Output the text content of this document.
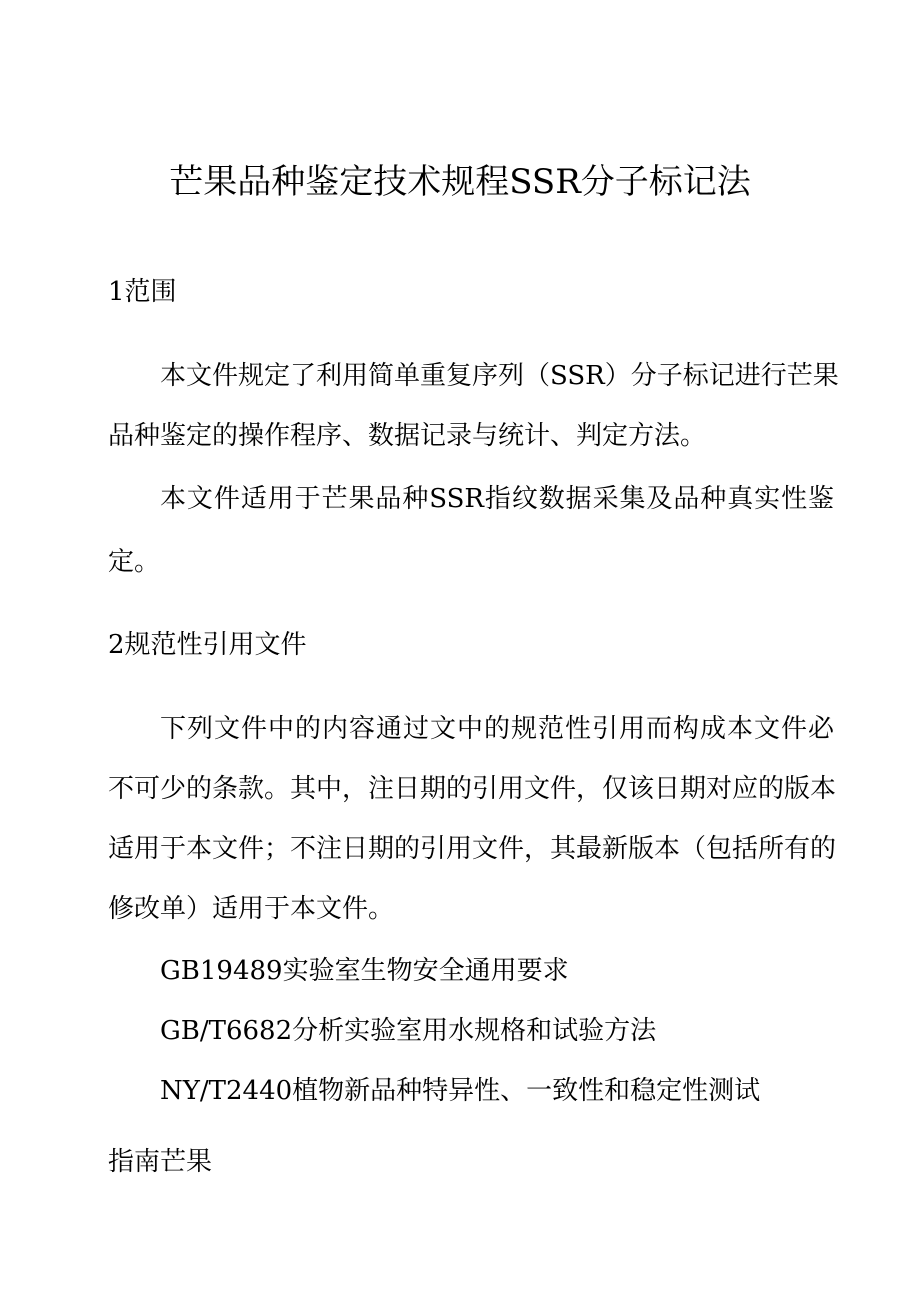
芒果品种鉴定技术规程SSR分子标记法
1范围
本文件规定了利用简单重复序列（SSR）分子标记进行芒果
品种鉴定的操作程序、数据记录与统计、判定方法。
本文件适用于芒果品种SSR指纹数据采集及品种真实性鉴
定。
2规范性引用文件
下列文件中的内容通过文中的规范性引用而构成本文件必
不可少的条款。其中，注日期的引用文件，仅该日期对应的版本
适用于本文件；不注日期的引用文件，其最新版本（包括所有的
修改单）适用于本文件。
GB19489实验室生物安全通用要求
GB/T6682分析实验室用水规格和试验方法
NY/T2440植物新品种特异性、一致性和稳定性测试
指南芒果
